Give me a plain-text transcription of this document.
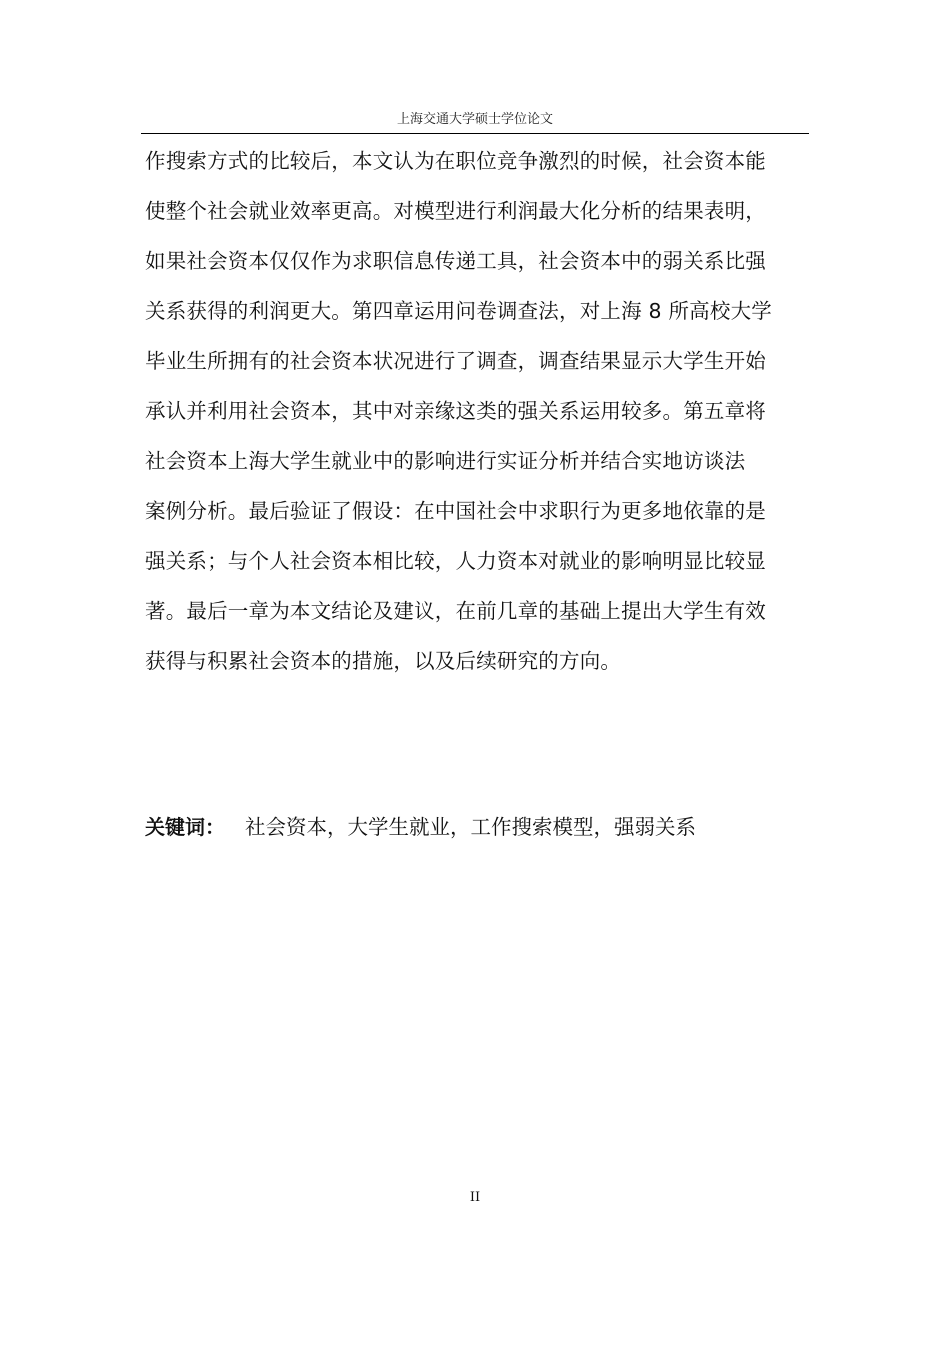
上海交通大学硕士学位论文
作搜索方式的比较后，本文认为在职位竞争激烈的时候，社会资本能
使整个社会就业效率更高。对模型进行利润最大化分析的结果表明，
如果社会资本仅仅作为求职信息传递工具，社会资本中的弱关系比强
关系获得的利润更大。第四章运用问卷调查法，对上海 8 所高校大学
毕业生所拥有的社会资本状况进行了调查，调查结果显示大学生开始
承认并利用社会资本，其中对亲缘这类的强关系运用较多。第五章将
社会资本上海大学生就业中的影响进行实证分析并结合实地访谈法
案例分析。最后验证了假设：在中国社会中求职行为更多地依靠的是
强关系；与个人社会资本相比较，人力资本对就业的影响明显比较显
著。最后一章为本文结论及建议，在前几章的基础上提出大学生有效
获得与积累社会资本的措施，以及后续研究的方向。
关键词： 社会资本，大学生就业，工作搜索模型，强弱关系
II
